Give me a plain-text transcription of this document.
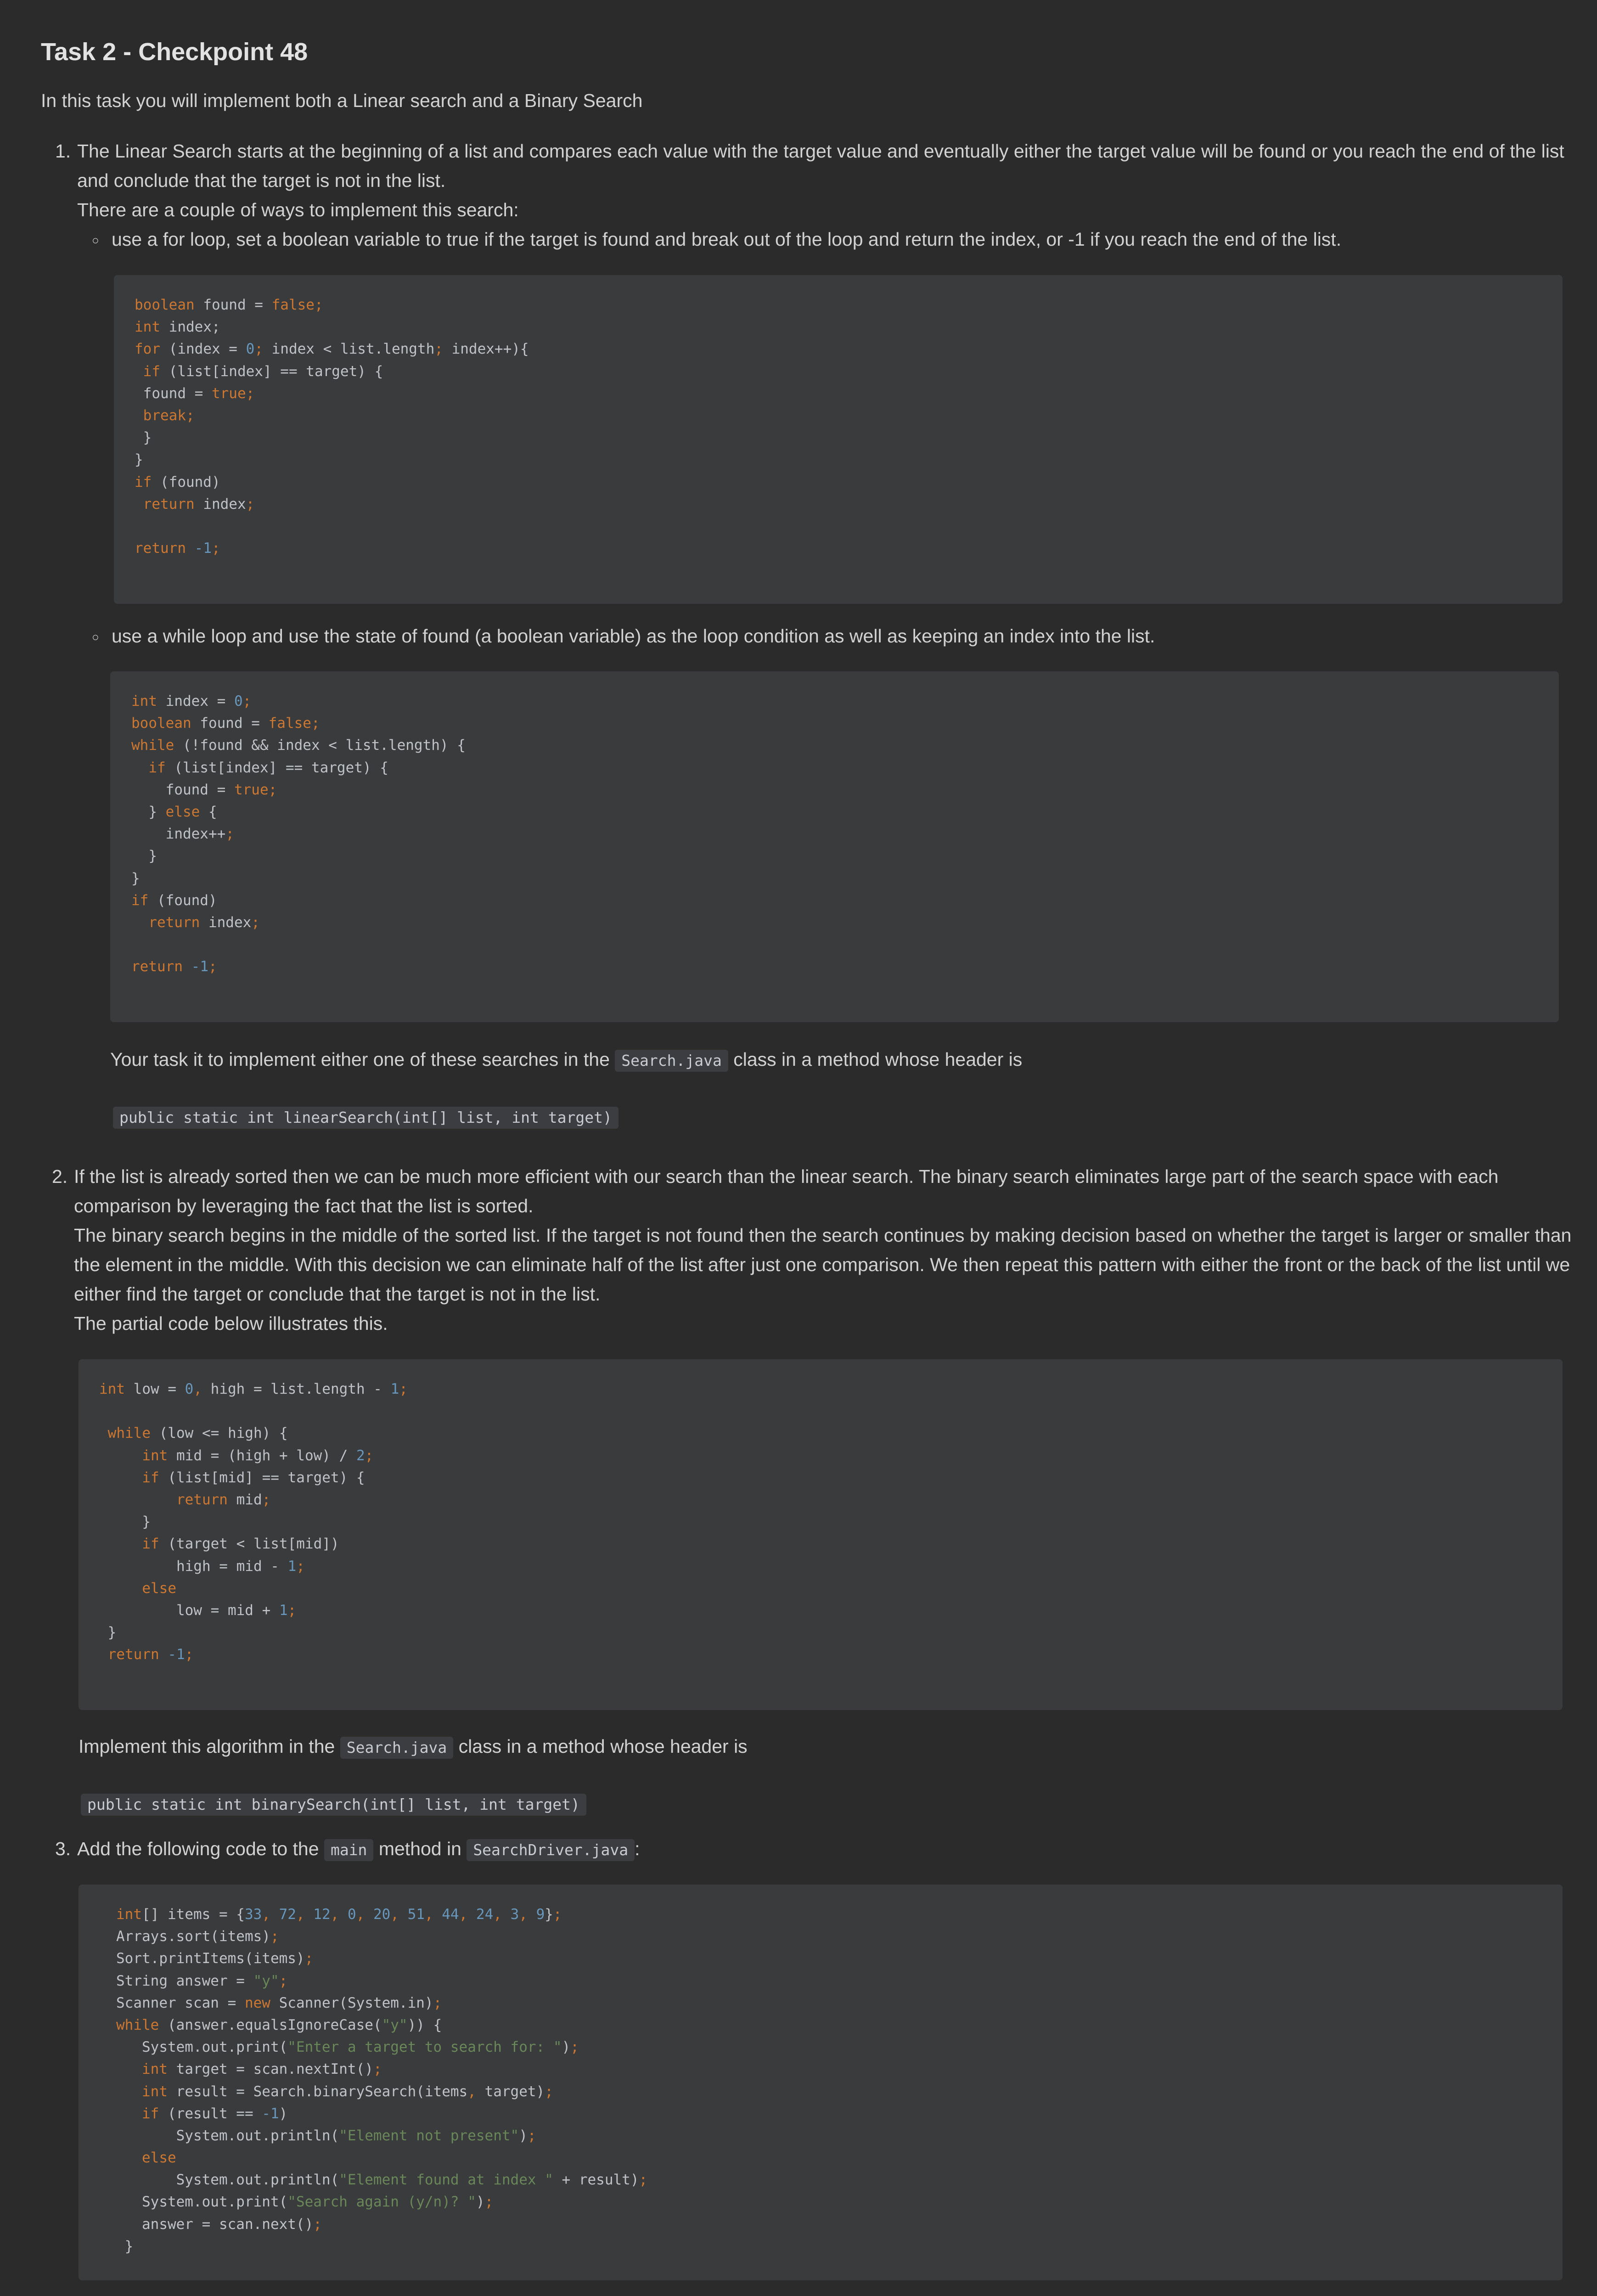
Task 2 - Checkpoint 48
In this task you will implement both a Linear search and a Binary Search
1. The Linear Search starts at the beginning of a list and compares each value with the target value and eventually either the target value will be found or you reach the end of the list
and conclude that the target is not in the list.
There are a couple of ways to implement this search:
○ use a for loop, set a boolean variable to true if the target is found and break out of the loop and return the index, or -1 if you reach the end of the list.
boolean found = false;
int index;
for (index = 0; index < list.length; index++){
if (list[index] == target) {
found = true;
break;
}
}
if (found)
return index;
return -1;
○ use a while loop and use the state of found (a boolean variable) as the loop condition as well as keeping an index into the list.
int index = 0;
boolean found = false;
while (!found && index < list.length) {
if (list[index] == target) {
found = true;
} else {
index++;
}
}
if (found)
return index;
return -1;
Your task it to implement either one of these searches in the Search.java class in a method whose header is
public static int linearSearch(int[] list, int target)
2. If the list is already sorted then we can be much more efficient with our search than the linear search. The binary search eliminates large part of the search space with each
comparison by leveraging the fact that the list is sorted.
The binary search begins in the middle of the sorted list. If the target is not found then the search continues by making decision based on whether the target is larger or smaller than
the element in the middle. With this decision we can eliminate half of the list after just one comparison. We then repeat this pattern with either the front or the back of the list until we
either find the target or conclude that the target is not in the list.
The partial code below illustrates this.
int low = 0, high = list.length - 1;
while (low <= high) {
int mid = (high + low) / 2;
if (list[mid] == target) {
return mid;
}
if (target < list[mid])
high = mid - 1;
else
low = mid + 1;
}
return -1;
Implement this algorithm in the Search.java class in a method whose header is
public static int binarySearch(int[] list, int target)
3. Add the following code to the main method in SearchDriver.java :
int[] items = {33, 72, 12, 0, 20, 51, 44, 24, 3, 9};
Arrays.sort(items);
Sort.printItems(items);
String answer = "y";
Scanner scan = new Scanner(System.in);
while (answer.equalsIgnoreCase("y")) {
System.out.print("Enter a target to search for: ");
int target = scan.nextInt();
int result = Search.binarySearch(items, target);
if (result == -1)
System.out.println("Element not present");
else
System.out.println("Element found at index " + result);
System.out.print("Search again (y/n)? ");
answer = scan.next();
}
